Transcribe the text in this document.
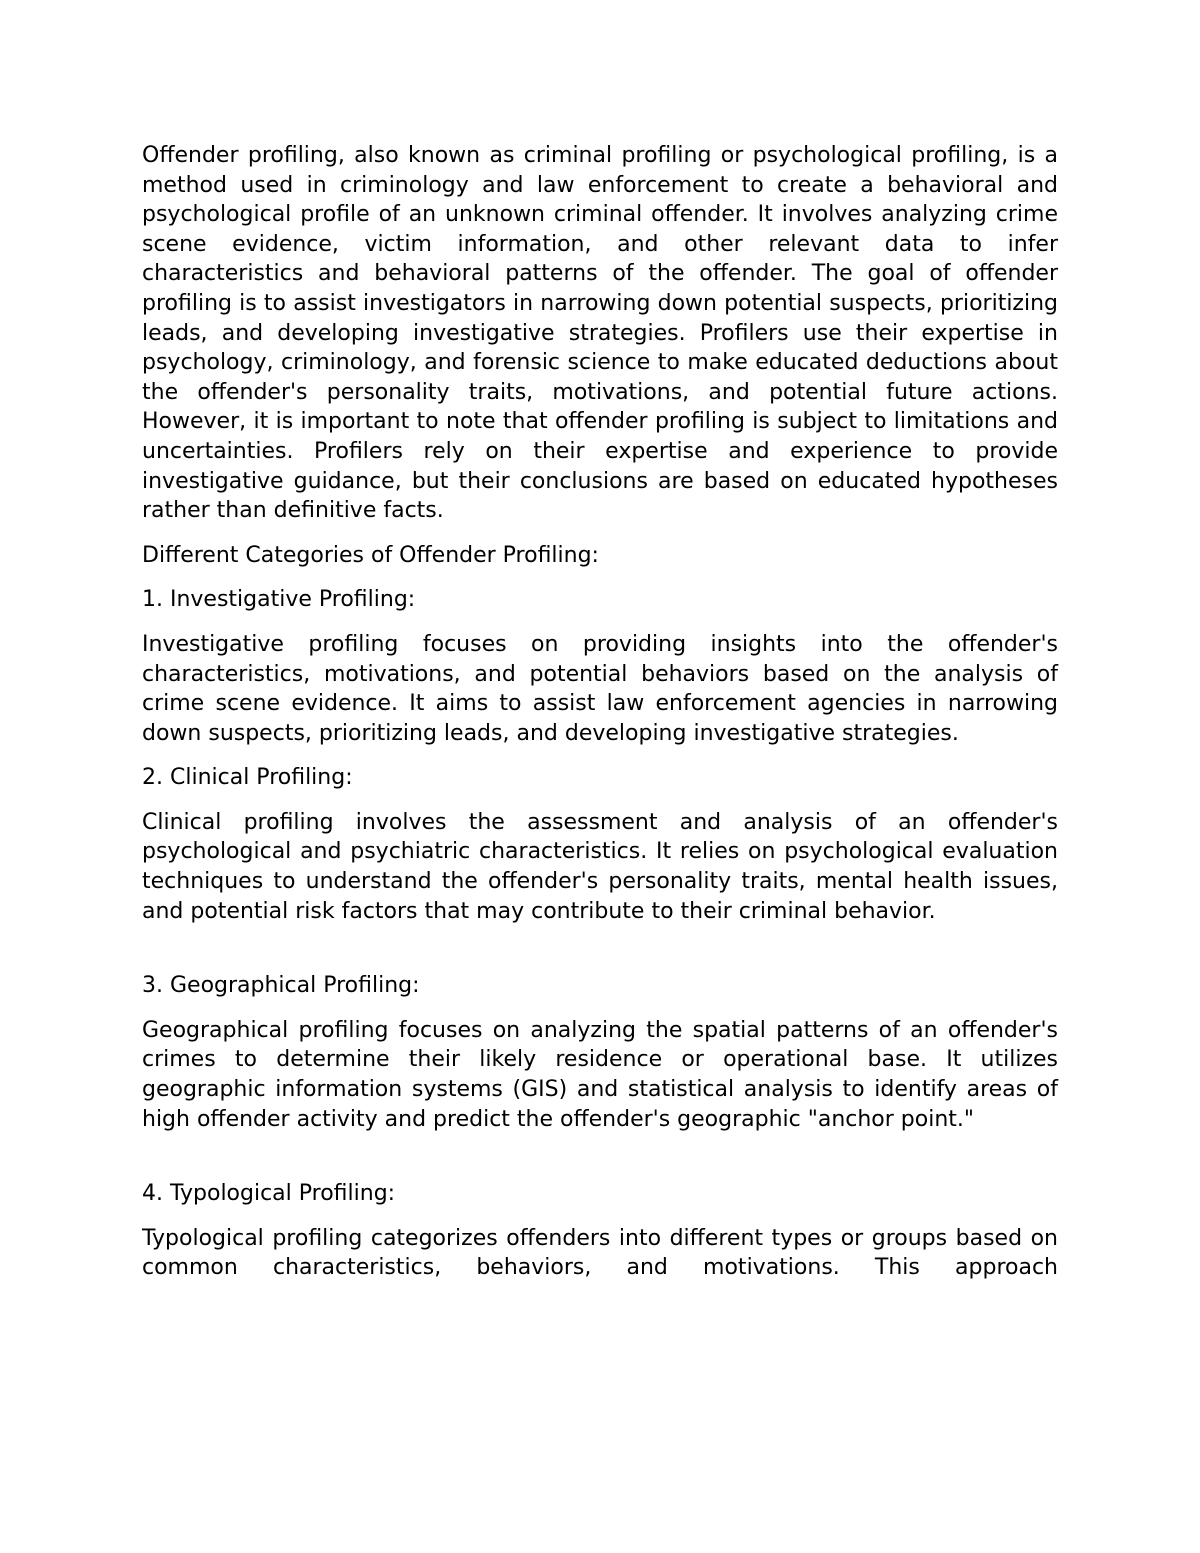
Offender profiling, also known as criminal profiling or psychological profiling, is a method used in criminology and law enforcement to create a behavioral and psychological profile of an unknown criminal offender. It involves analyzing crime scene evidence, victim information, and other relevant data to infer characteristics and behavioral patterns of the offender. The goal of offender profiling is to assist investigators in narrowing down potential suspects, prioritizing leads, and developing investigative strategies. Profilers use their expertise in psychology, criminology, and forensic science to make educated deductions about the offender's personality traits, motivations, and potential future actions. However, it is important to note that offender profiling is subject to limitations and uncertainties. Profilers rely on their expertise and experience to provide investigative guidance, but their conclusions are based on educated hypotheses rather than definitive facts.

Different Categories of Offender Profiling:

1. Investigative Profiling:

Investigative profiling focuses on providing insights into the offender's characteristics, motivations, and potential behaviors based on the analysis of crime scene evidence. It aims to assist law enforcement agencies in narrowing down suspects, prioritizing leads, and developing investigative strategies.

2. Clinical Profiling:

Clinical profiling involves the assessment and analysis of an offender's psychological and psychiatric characteristics. It relies on psychological evaluation techniques to understand the offender's personality traits, mental health issues, and potential risk factors that may contribute to their criminal behavior.

3. Geographical Profiling:

Geographical profiling focuses on analyzing the spatial patterns of an offender's crimes to determine their likely residence or operational base. It utilizes geographic information systems (GIS) and statistical analysis to identify areas of high offender activity and predict the offender's geographic "anchor point."

4. Typological Profiling:

Typological profiling categorizes offenders into different types or groups based on common characteristics, behaviors, and motivations. This approach
